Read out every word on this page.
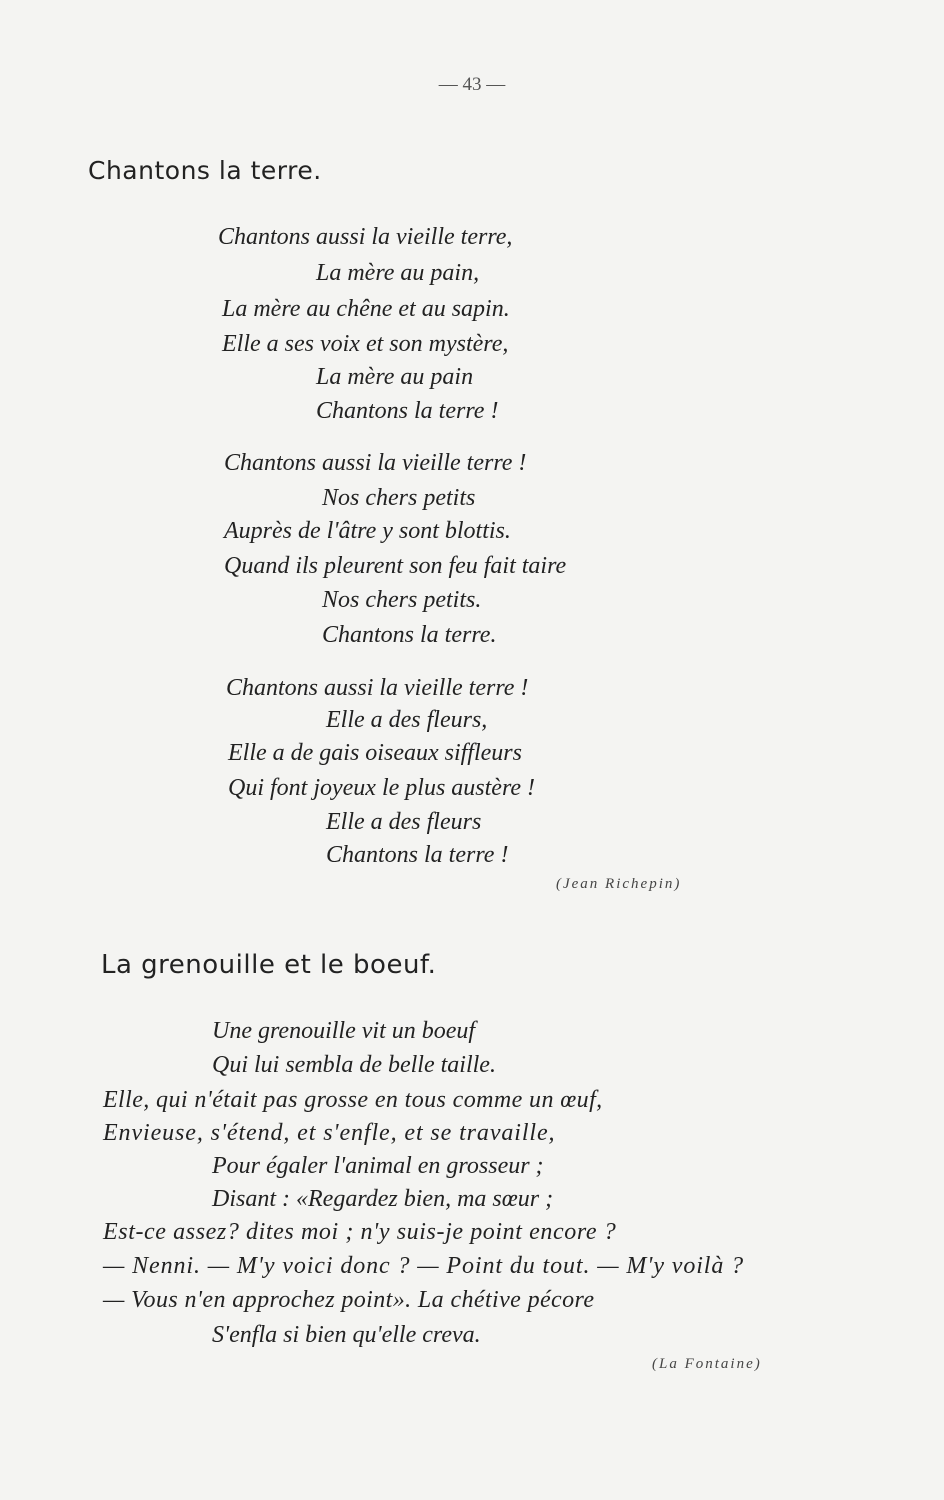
— 43 —
Chantons la terre.

Chantons aussi la vieille terre,

La mère au pain,

La mère au chêne et au sapin.

Elle a ses voix et son mystère,

La mère au pain

Chantons la terre !

Chantons aussi la vieille terre !

Nos chers petits

Auprès de l'âtre y sont blottis.

Quand ils pleurent son feu fait taire

Nos chers petits.

Chantons la terre.

Chantons aussi la vieille terre !

Elle a des fleurs,

Elle a de gais oiseaux siffleurs

Qui font joyeux le plus austère !

Elle a des fleurs

Chantons la terre !

(Jean Richepin)
La grenouille et le boeuf.

Une grenouille vit un boeuf

Qui lui sembla de belle taille.

Elle, qui n'était pas grosse en tous comme un œuf,

Envieuse, s'étend, et s'enfle, et se travaille,

Pour égaler l'animal en grosseur ;

Disant : «Regardez bien, ma sœur ;

Est-ce assez? dites moi ; n'y suis-je point encore ?

— Nenni. — M'y voici donc ? — Point du tout. — M'y voilà ?

— Vous n'en approchez point». La chétive pécore

S'enfla si bien qu'elle creva.

(La Fontaine)
